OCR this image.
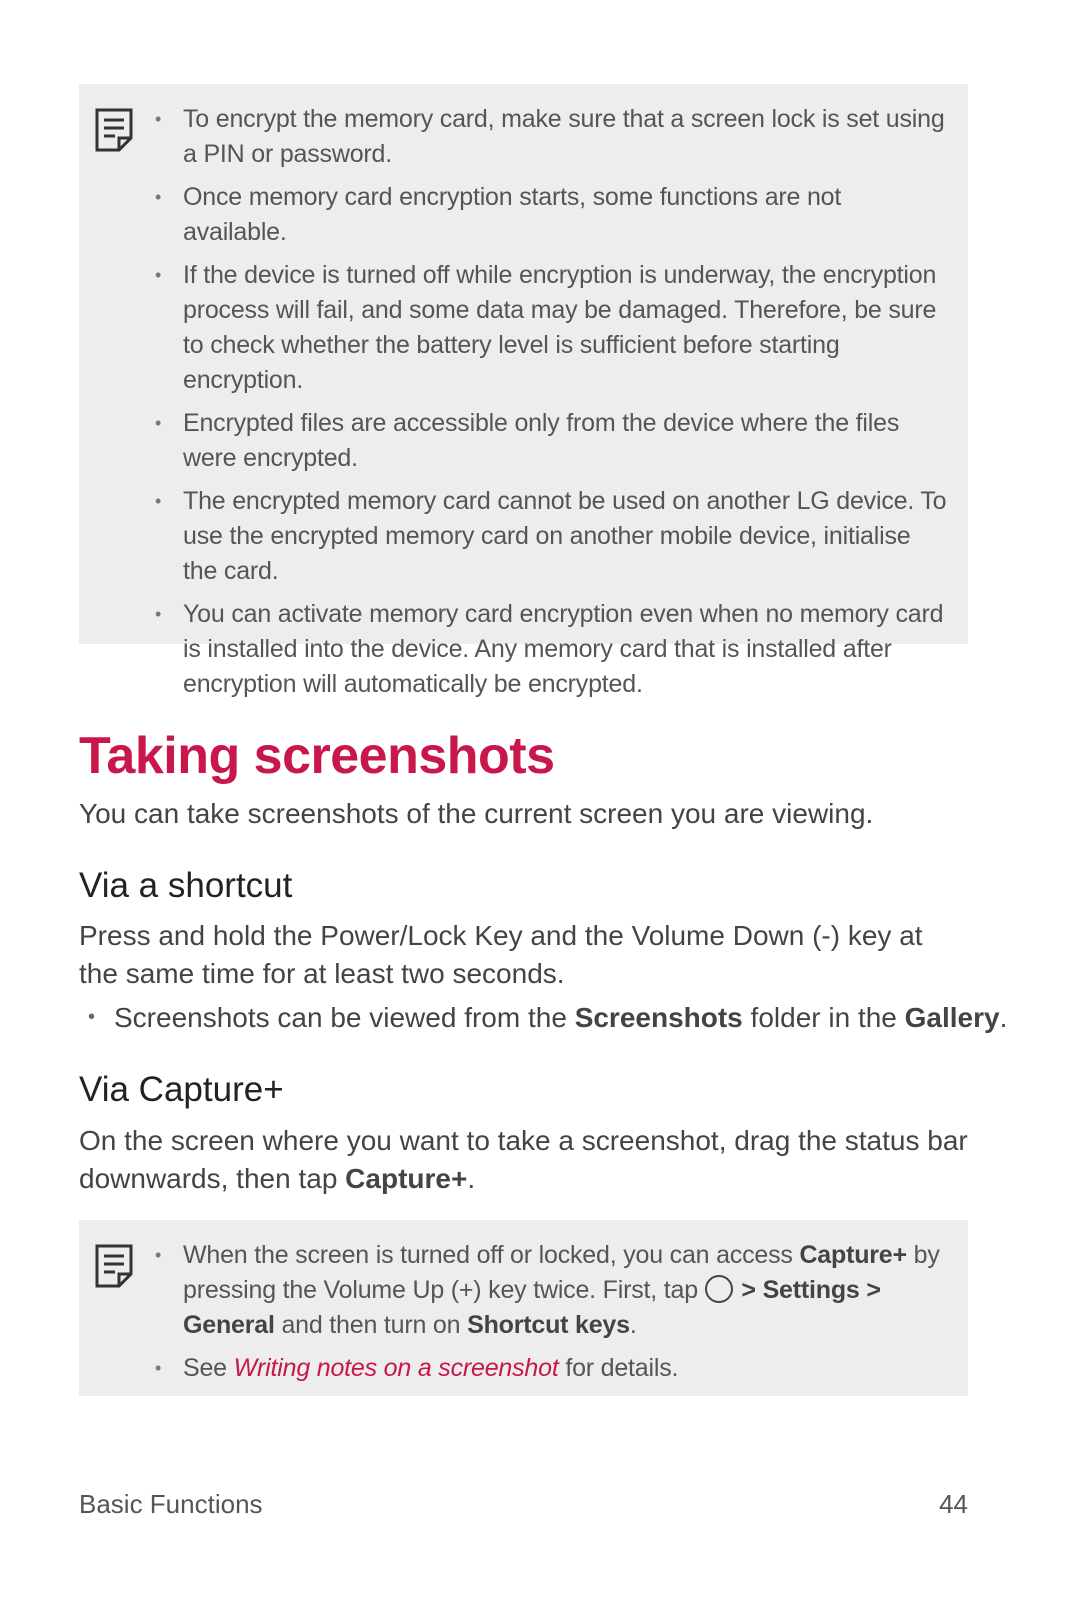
• To encrypt the memory card, make sure that a screen lock is set using a PIN or password.
• Once memory card encryption starts, some functions are not available.
• If the device is turned off while encryption is underway, the encryption process will fail, and some data may be damaged. Therefore, be sure to check whether the battery level is sufficient before starting encryption.
• Encrypted files are accessible only from the device where the files were encrypted.
• The encrypted memory card cannot be used on another LG device. To use the encrypted memory card on another mobile device, initialise the card.
• You can activate memory card encryption even when no memory card is installed into the device. Any memory card that is installed after encryption will automatically be encrypted.
Taking screenshots

You can take screenshots of the current screen you are viewing.

Via a shortcut

Press and hold the Power/Lock Key and the Volume Down (-) key at the same time for at least two seconds.

• Screenshots can be viewed from the Screenshots folder in the Gallery.

Via Capture+

On the screen where you want to take a screenshot, drag the status bar downwards, then tap Capture+.

• When the screen is turned off or locked, you can access Capture+ by pressing the Volume Up (+) key twice. First, tap  > Settings > General and then turn on Shortcut keys.
• See Writing notes on a screenshot for details.
Basic Functions	44
